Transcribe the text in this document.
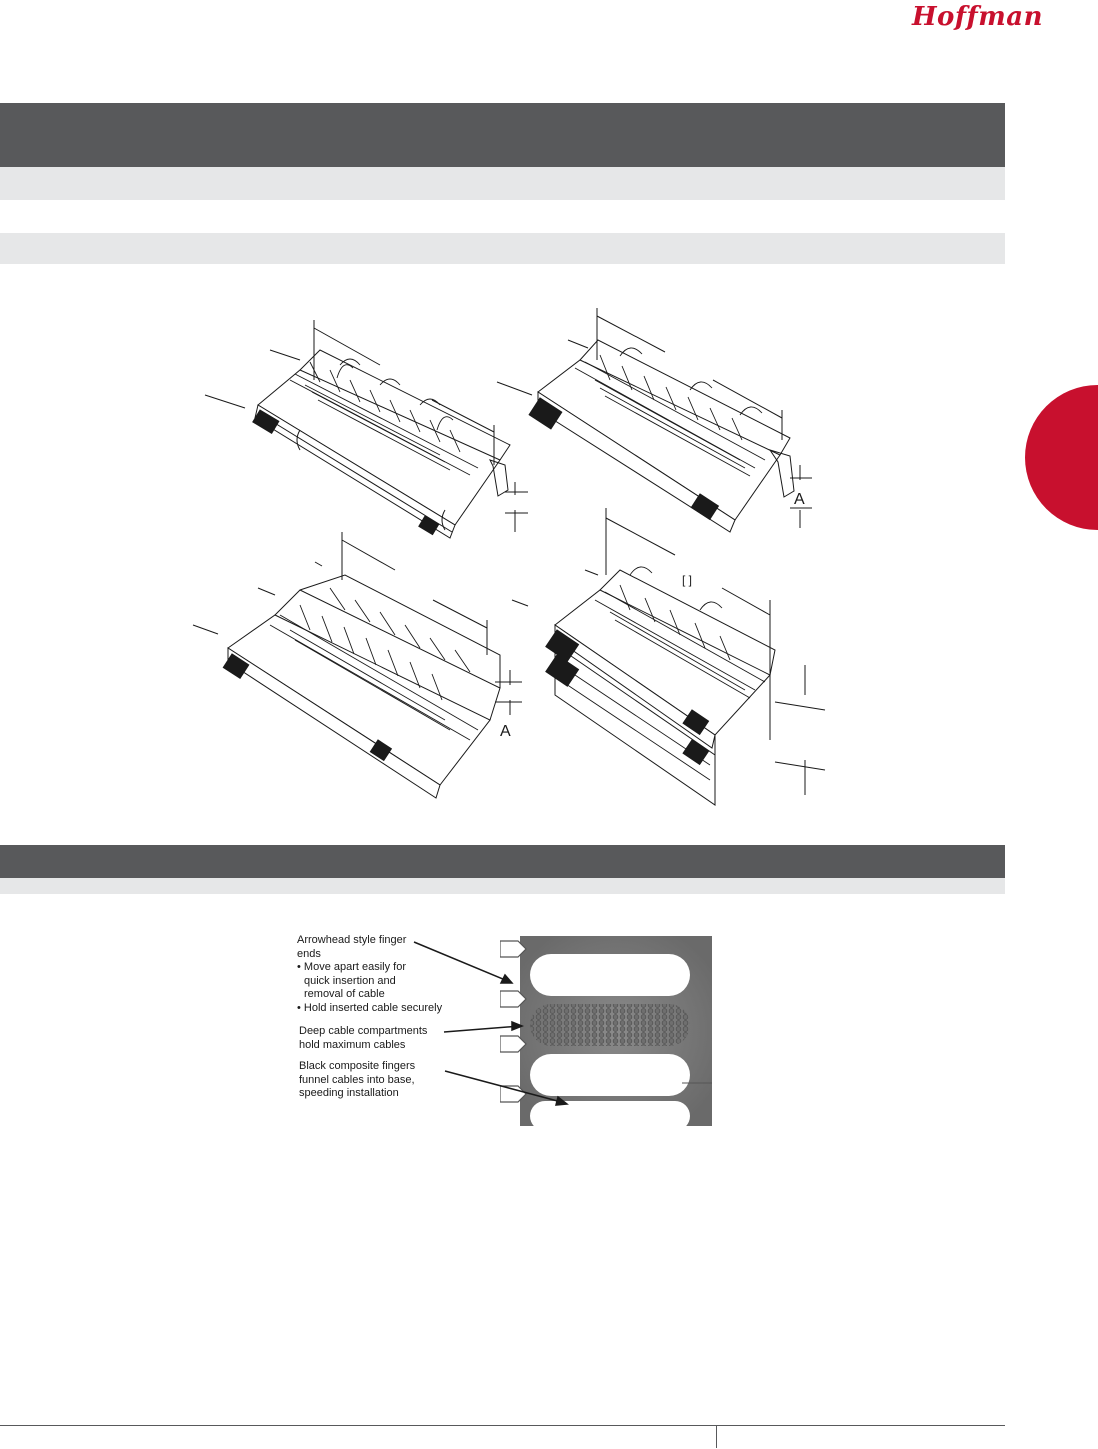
Hoffman
A
A
[ ]
Arrowhead style finger
ends
• Move apart easily for
quick insertion and
removal of cable
• Hold inserted cable securely
Deep cable compartments
hold maximum cables
Black composite fingers
funnel cables into base,
speeding installation
